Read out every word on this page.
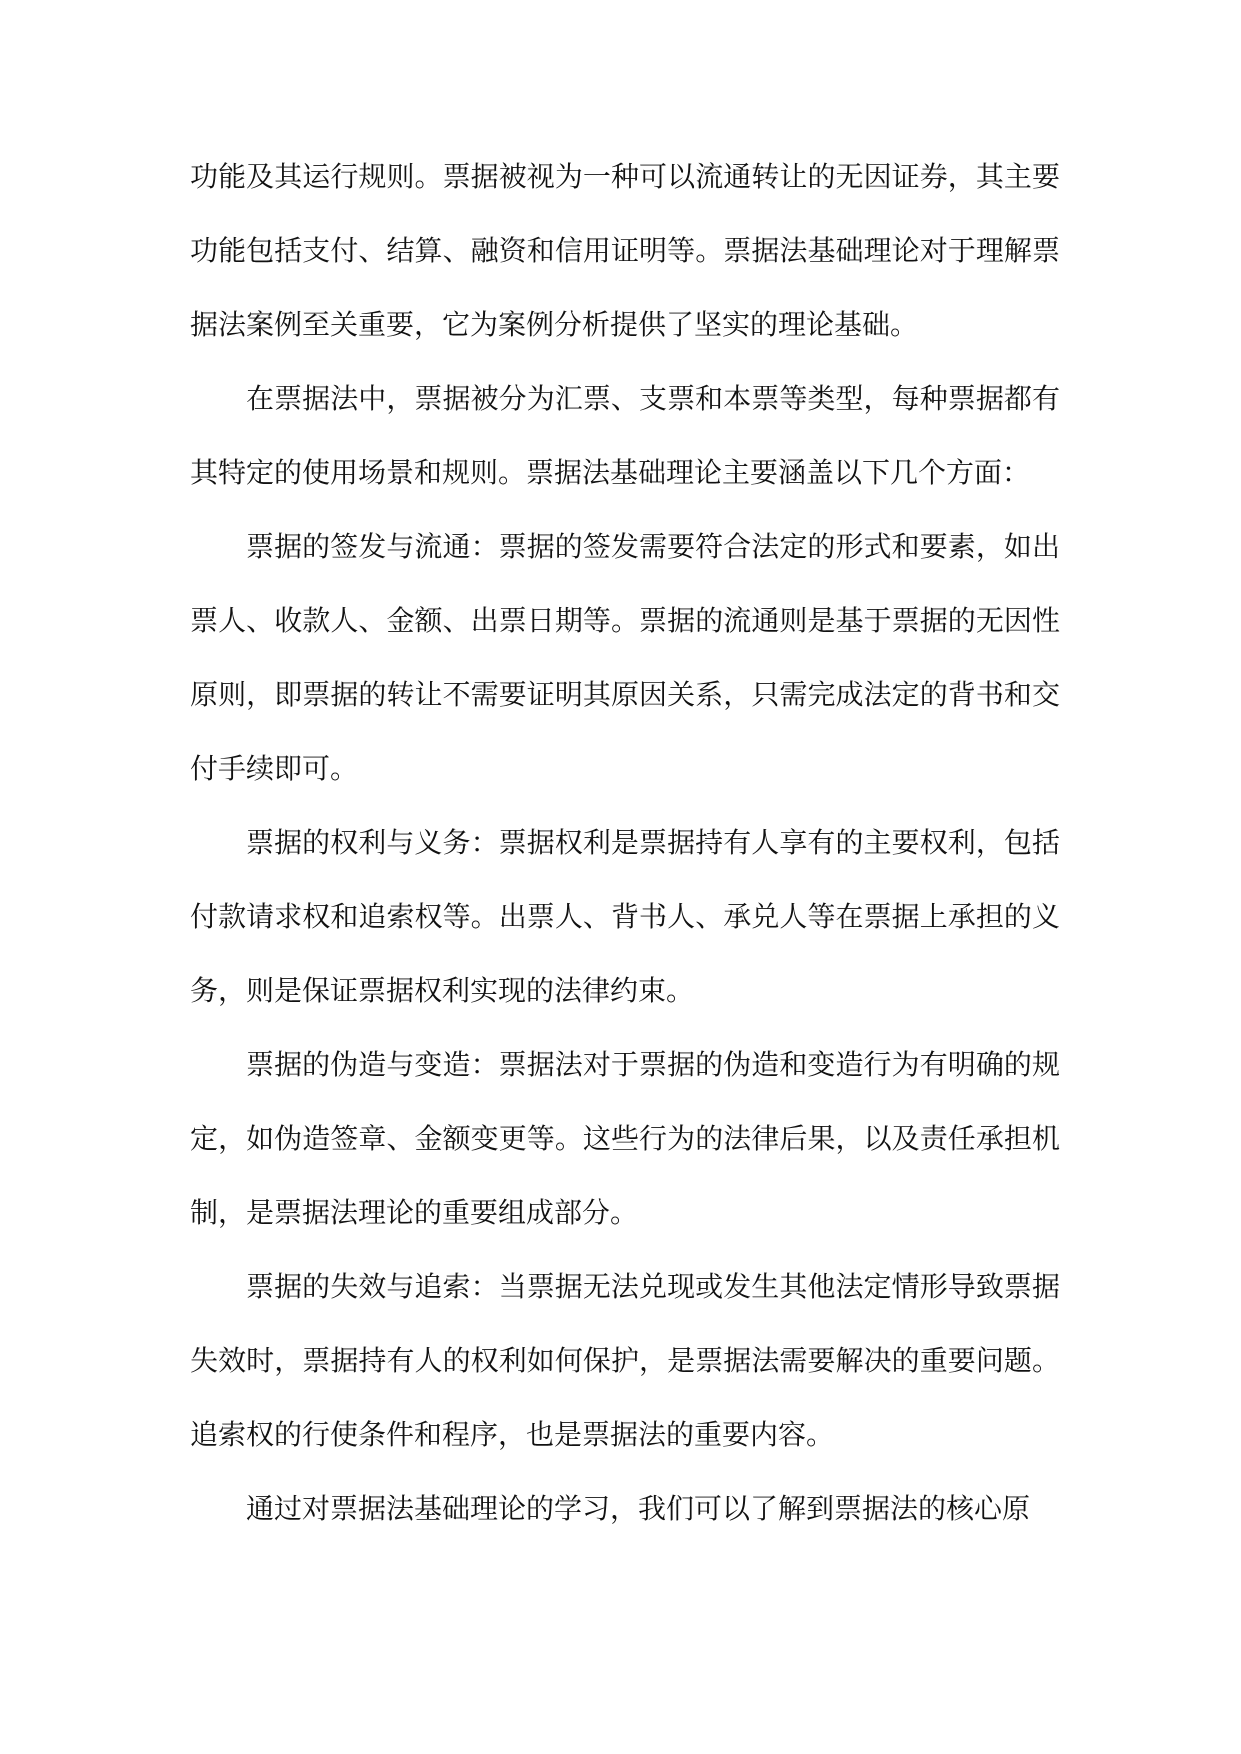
功能及其运行规则。票据被视为一种可以流通转让的无因证券，其主要功能包括支付、结算、融资和信用证明等。票据法基础理论对于理解票据法案例至关重要，它为案例分析提供了坚实的理论基础。

在票据法中，票据被分为汇票、支票和本票等类型，每种票据都有其特定的使用场景和规则。票据法基础理论主要涵盖以下几个方面：

票据的签发与流通：票据的签发需要符合法定的形式和要素，如出票人、收款人、金额、出票日期等。票据的流通则是基于票据的无因性原则，即票据的转让不需要证明其原因关系，只需完成法定的背书和交付手续即可。

票据的权利与义务：票据权利是票据持有人享有的主要权利，包括付款请求权和追索权等。出票人、背书人、承兑人等在票据上承担的义务，则是保证票据权利实现的法律约束。

票据的伪造与变造：票据法对于票据的伪造和变造行为有明确的规定，如伪造签章、金额变更等。这些行为的法律后果，以及责任承担机制，是票据法理论的重要组成部分。

票据的失效与追索：当票据无法兑现或发生其他法定情形导致票据失效时，票据持有人的权利如何保护，是票据法需要解决的重要问题。追索权的行使条件和程序，也是票据法的重要内容。

通过对票据法基础理论的学习，我们可以了解到票据法的核心原
